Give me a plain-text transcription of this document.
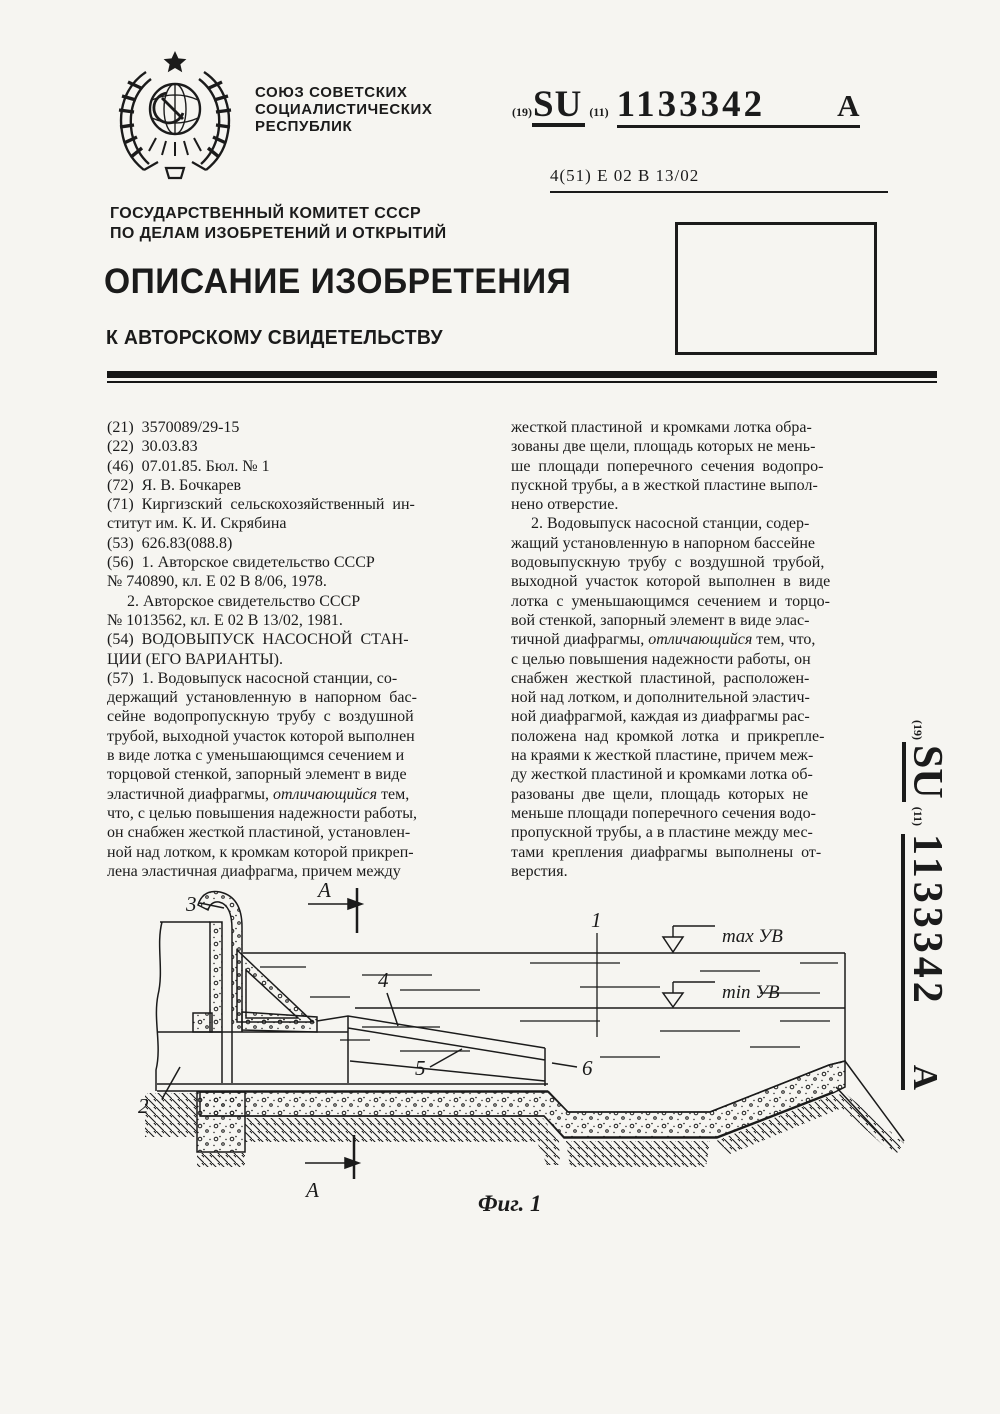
СОЮЗ СОВЕТСКИХ
СОЦИАЛИСТИЧЕСКИХ
РЕСПУБЛИК
(19) SU (11) 1133342 A
4(51) Е 02 В 13/02
ГОСУДАРСТВЕННЫЙ КОМИТЕТ СССР
ПО ДЕЛАМ ИЗОБРЕТЕНИЙ И ОТКРЫТИЙ
ОПИСАНИЕ ИЗОБРЕТЕНИЯ
К АВТОРСКОМУ СВИДЕТЕЛЬСТВУ
(21)  3570089/29-15
(22)  30.03.83
(46)  07.01.85. Бюл. № 1
(72)  Я. В. Бочкарев
(71)  Киргизский  сельскохозяйственный  ин-
ститут им. К. И. Скрябина
(53)  626.83(088.8)
(56)  1. Авторское свидетельство СССР
№ 740890, кл. Е 02 В 8/06, 1978.
2. Авторское свидетельство СССР
№ 1013562, кл. Е 02 В 13/02, 1981.
(54)  ВОДОВЫПУСК  НАСОСНОЙ  СТАН-
ЦИИ (ЕГО ВАРИАНТЫ).
(57)  1. Водовыпуск насосной станции, со-
держащий  установленную  в  напорном  бас-
сейне  водопропускную  трубу  с  воздушной
трубой, выходной участок которой выполнен
в виде лотка с уменьшающимся сечением и
торцовой стенкой, запорный элемент в виде
эластичной диафрагмы, отличающийся тем,
что, с целью повышения надежности работы,
он снабжен жесткой пластиной, установлен-
ной над лотком, к кромкам которой прикреп-
лена эластичная диафрагма, причем между
жесткой пластиной  и кромками лотка обра-
зованы две щели, площадь которых не мень-
ше  площади  поперечного  сечения  водопро-
пускной трубы, а в жесткой пластине выпол-
нено отверстие.
2. Водовыпуск насосной станции, содер-
жащий установленную в напорном бассейне
водовыпускную  трубу  с  воздушной  трубой,
выходной  участок  которой  выполнен  в  виде
лотка  с  уменьшающимся  сечением  и  торцо-
вой стенкой, запорный элемент в виде элас-
тичной диафрагмы, отличающийся тем, что,
с целью повышения надежности работы, он
снабжен  жесткой  пластиной,  расположен-
ной над лотком, и дополнительной эластич-
ной диафрагмой, каждая из диафрагмы рас-
положена  над  кромкой  лотка   и  прикрепле-
на краями к жесткой пластине, причем меж-
ду жесткой пластиной и кромками лотка об-
разованы  две  щели,  площадь  которых  не
меньше площади поперечного сечения водо-
пропускной трубы, а в пластине между мес-
тами  крепления  диафрагмы  выполнены  от-
верстия.
А
А
3
2
1
4
5	6
max УВ
min УВ
Фиг. 1
(19)
SU
(11)
1133342
A
